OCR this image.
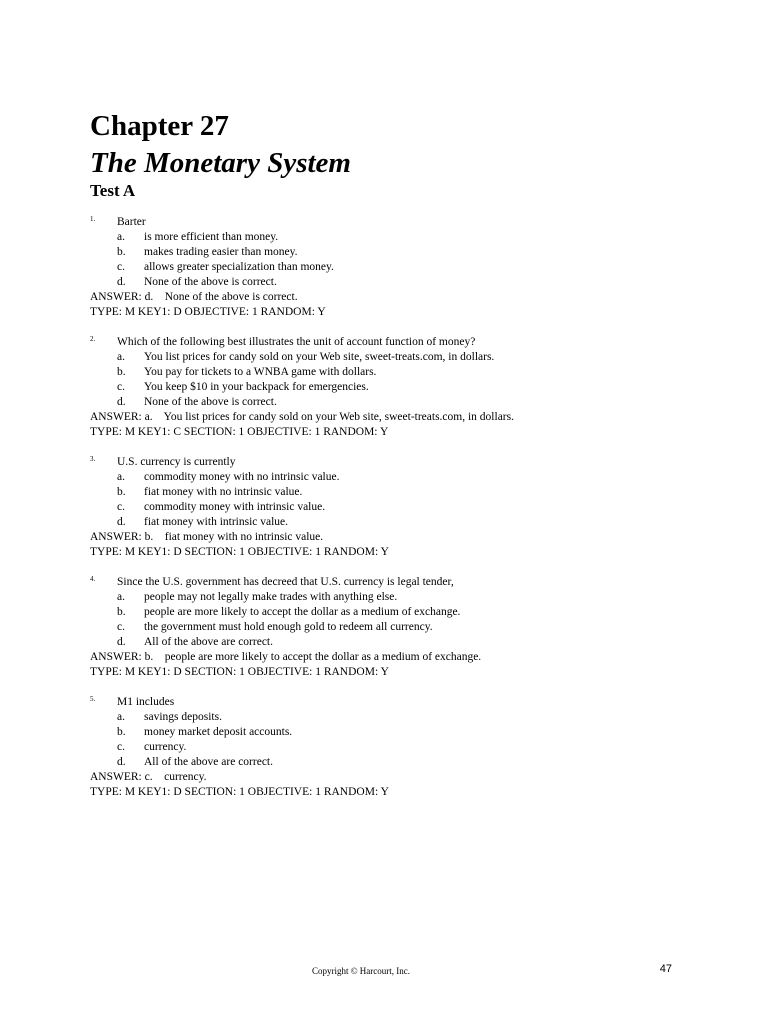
Chapter 27
The Monetary System
Test A
1. Barter
a. is more efficient than money.
b. makes trading easier than money.
c. allows greater specialization than money.
d. None of the above is correct.
ANSWER: d.    None of the above is correct.
TYPE: M KEY1: D OBJECTIVE: 1 RANDOM: Y
2. Which of the following best illustrates the unit of account function of money?
a. You list prices for candy sold on your Web site, sweet-treats.com, in dollars.
b. You pay for tickets to a WNBA game with dollars.
c. You keep $10 in your backpack for emergencies.
d. None of the above is correct.
ANSWER: a.    You list prices for candy sold on your Web site, sweet-treats.com, in dollars.
TYPE: M KEY1: C SECTION: 1 OBJECTIVE: 1 RANDOM: Y
3. U.S. currency is currently
a. commodity money with no intrinsic value.
b. fiat money with no intrinsic value.
c. commodity money with intrinsic value.
d. fiat money with intrinsic value.
ANSWER: b.    fiat money with no intrinsic value.
TYPE: M KEY1: D SECTION: 1 OBJECTIVE: 1 RANDOM: Y
4. Since the U.S. government has decreed that U.S. currency is legal tender,
a. people may not legally make trades with anything else.
b. people are more likely to accept the dollar as a medium of exchange.
c. the government must hold enough gold to redeem all currency.
d. All of the above are correct.
ANSWER: b.    people are more likely to accept the dollar as a medium of exchange.
TYPE: M KEY1: D SECTION: 1 OBJECTIVE: 1 RANDOM: Y
5. M1 includes
a. savings deposits.
b. money market deposit accounts.
c. currency.
d. All of the above are correct.
ANSWER: c.    currency.
TYPE: M KEY1: D SECTION: 1 OBJECTIVE: 1 RANDOM: Y
Copyright © Harcourt, Inc.	47
